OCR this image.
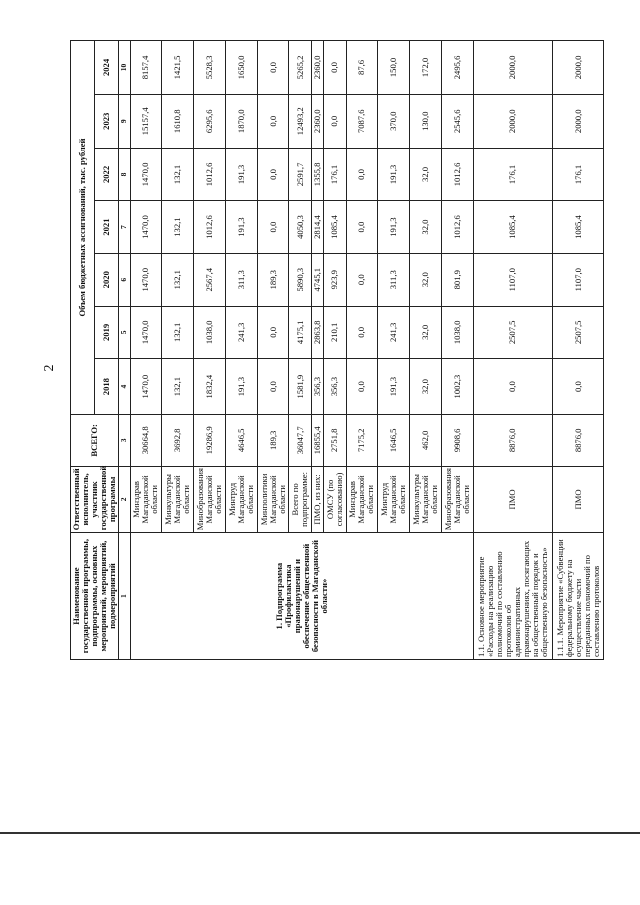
2
Наименование государственной программы, подпрограммы, основных мероприятий, мероприятий, подмероприятий	Ответственный исполнитель, участник государственной программы	ВСЕГО:	Объем бюджетных ассигнований, тыс. рублей						
			2018	2019	2020	2021	2022	2023	2024
1	2	3	4	5	6	7	8	9	10
1. Подпрограмма «Профилактика правонарушений и обеспечение общественной безопасности в Магаданской области»	Минздрав Магаданской области	30664,8	1470,0	1470,0	1470,0	1470,0	1470,0	15157,4	8157,4
	Минкультуры Магаданской области	3692,8	132,1	132,1	132,1	132,1	132,1	1610,8	1421,5
	Минобразования Магаданской области	19286,9	1832,4	1038,0	2567,4	1012,6	1012,6	6295,6	5528,3
	Минтруд Магаданской области	4646,5	191,3	241,3	311,3	191,3	191,3	1870,0	1650,0
	Минполитики Магаданской области	189,3	0,0	0,0	189,3	0,0	0,0	0,0	0,0
	Всего по подпрограмме:	36047,7	1581,9	4175,1	5890,3	4050,3	2591,7	12493,2	5265,2
	ПМО, из них:	16855,4	356,3	2863,8	4745,1	2814,4	1355,8	2360,0	2360,0
	ОМСУ (по согласованию)	2751,8	356,3	210,1	923,9	1085,4	176,1	0,0	0,0
	Минздрав Магаданской области	7175,2	0,0	0,0	0,0	0,0	0,0	7087,6	87,6
	Минтруд Магаданской области	1646,5	191,3	241,3	311,3	191,3	191,3	370,0	150,0
	Минкультуры Магаданской области	462,0	32,0	32,0	32,0	32,0	32,0	130,0	172,0
	Минобразования Магаданской области	9908,6	1002,3	1038,0	801,9	1012,6	1012,6	2545,6	2495,6
1.1. Основное мероприятие «Расходы на реализацию полномочий по составлению протоколов об административных правонарушениях, посягающих на общественный порядок и общественную безопасность»	ПМО	8876,0	0,0	2507,5	1107,0	1085,4	176,1	2000,0	2000,0
1.1.1. Мероприятие «Субвенции федеральному бюджету на осуществление части переданных полномочий по составлению протоколов	ПМО	8876,0	0,0	2507,5	1107,0	1085,4	176,1	2000,0	2000,0
